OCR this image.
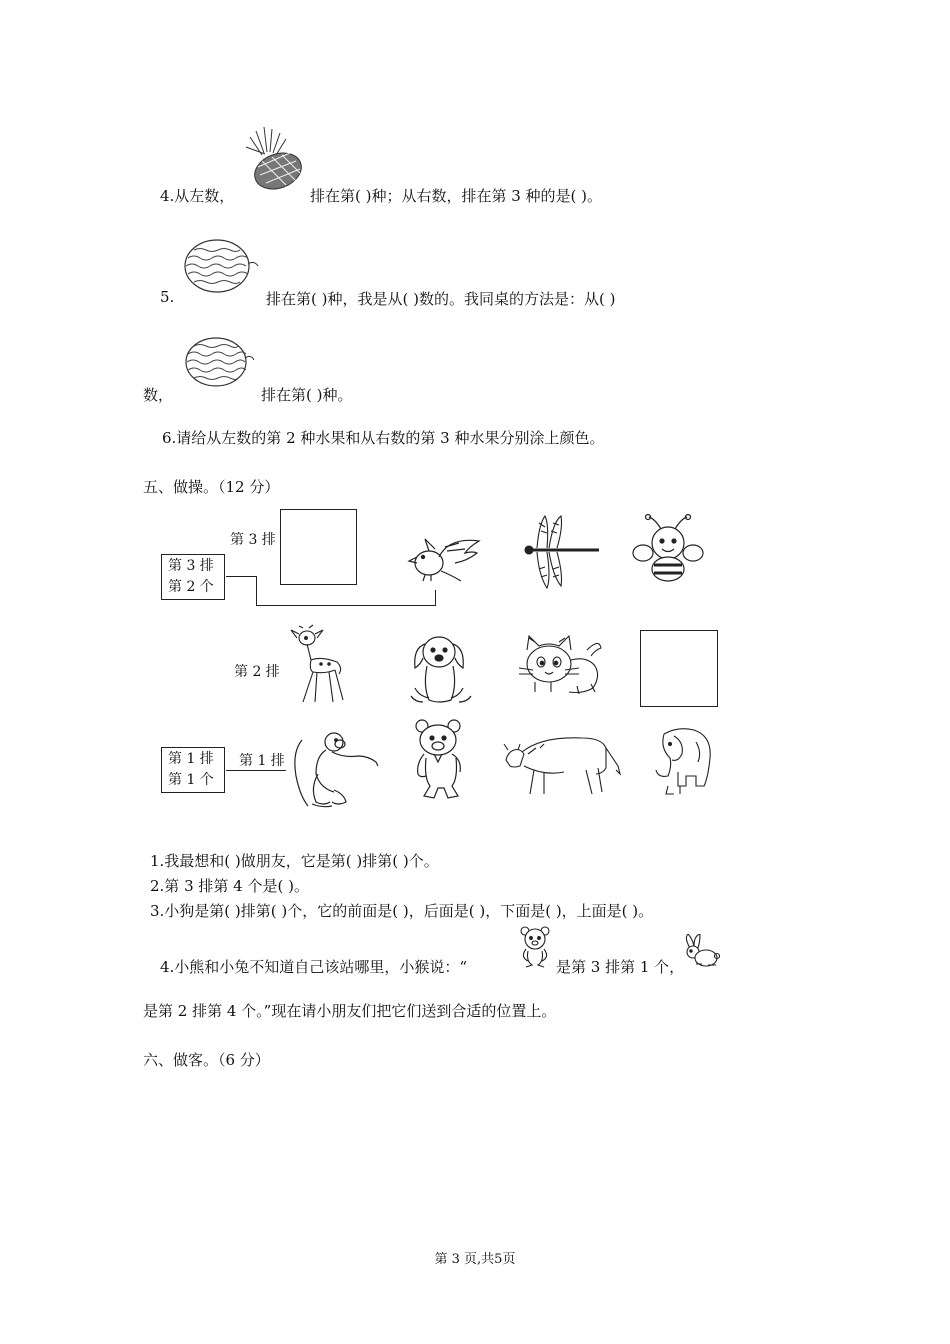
4.从左数，	排在第( )种；从右数，排在第 3 种的是( )。
5.	排在第( )种，我是从( )数的。我同桌的方法是：从( )
数，	排在第( )种。
6.请给从左数的第 2 种水果和从右数的第 3 种水果分别涂上颜色。
五、做操。（12 分）
第 3 排
第 2 排
第 3 排
第 2 个
第 1 排
第 1 个
第 1 排
1.我最想和( )做朋友，它是第( )排第( )个。
2.第 3 排第 4 个是( )。
3.小狗是第( )排第( )个，它的前面是( )，后面是( )，下面是( )，上面是( )。
4.小熊和小兔不知道自己该站哪里，小猴说：“	是第 3 排第 1 个，
是第 2 排第 4 个。”现在请小朋友们把它们送到合适的位置上。
六、做客。（6 分）
第 3 页,共5页
